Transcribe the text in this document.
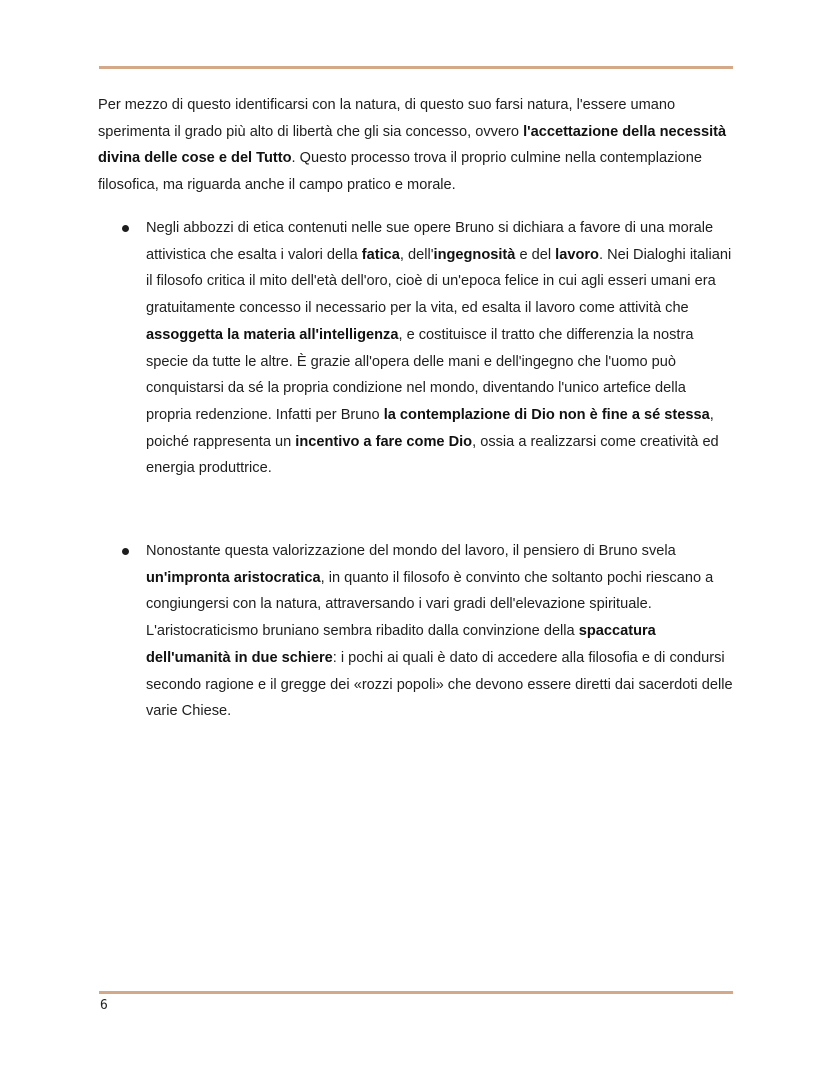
Per mezzo di questo identificarsi con la natura, di questo suo farsi natura, l'essere umano sperimenta il grado più alto di libertà che gli sia concesso, ovvero l'accettazione della necessità divina delle cose e del Tutto. Questo processo trova il proprio culmine nella contemplazione filosofica, ma riguarda anche il campo pratico e morale.

Negli abbozzi di etica contenuti nelle sue opere Bruno si dichiara a favore di una morale attivistica che esalta i valori della fatica, dell'ingegnosità e del lavoro. Nei Dialoghi italiani il filosofo critica il mito dell'età dell'oro, cioè di un'epoca felice in cui agli esseri umani era gratuitamente concesso il necessario per la vita, ed esalta il lavoro come attività che assoggetta la materia all'intelligenza, e costituisce il tratto che differenzia la nostra specie da tutte le altre. È grazie all'opera delle mani e dell'ingegno che l'uomo può conquistarsi da sé la propria condizione nel mondo, diventando l'unico artefice della propria redenzione. Infatti per Bruno la contemplazione di Dio non è fine a sé stessa, poiché rappresenta un incentivo a fare come Dio, ossia a realizzarsi come creatività ed energia produttrice.
Nonostante questa valorizzazione del mondo del lavoro, il pensiero di Bruno svela un'impronta aristocratica, in quanto il filosofo è convinto che soltanto pochi riescano a congiungersi con la natura, attraversando i vari gradi dell'elevazione spirituale. L'aristocraticismo bruniano sembra ribadito dalla convinzione della spaccatura dell'umanità in due schiere: i pochi ai quali è dato di accedere alla filosofia e di condursi secondo ragione e il gregge dei «rozzi popoli» che devono essere diretti dai sacerdoti delle varie Chiese.
6
